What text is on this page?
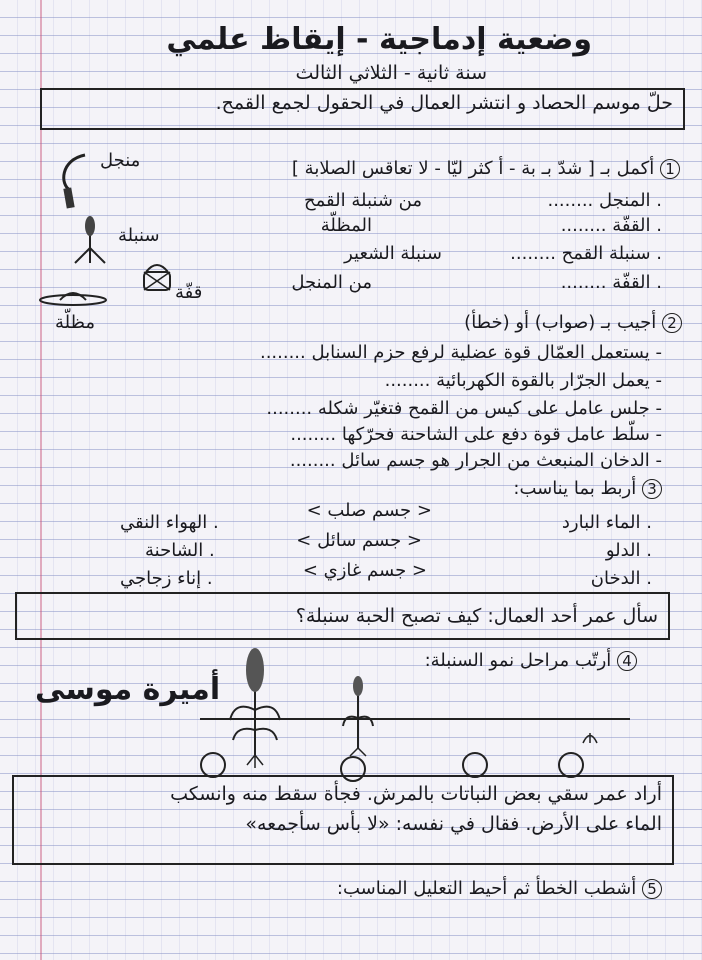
وضعية إدماجية - إيقاظ علمي
سنة ثانية - الثلاثي الثالث
حلّ موسم الحصاد و انتشر العمال في الحقول لجمع القمح.
1 أكمل بـ [ شدّ بـ بة - أ كثر ليّا - لا تعاقس الصلابة ]
. المنجل ........
من شنبلة القمح
. القفّة ........
المظلّة
. سنبلة القمح ........
سنبلة الشعير
. القفّة ........
من المنجل
منجل
سنبلة
قفّة
مظلّة	2 أجيب بـ (صواب) أو (خطأ)
- يستعمل العمّال قوة عضلية لرفع حزم السنابل ........
- يعمل الجرّار بالقوة الكهربائية ........
- جلس عامل على كيس من القمح فتغيّر شكله ........
- سلّط عامل قوة دفع على الشاحنة فحرّكها ........
- الدخان المنبعث من الجرار هو جسم سائل ........
3 أربط بما يناسب:
. الماء البارد
. الدلو
. الدخان
< جسم صلب >
< جسم سائل >
< جسم غازي >
. الهواء النقي
. الشاحنة
. إناء زجاجي
سأل عمر أحد العمال: كيف تصبح الحبة سنبلة؟
4 أرتّب مراحل نمو السنبلة:
أميرة موسى
أراد عمر سقي بعض النباتات بالمرش. فجأة سقط منه وانسكب
الماء على الأرض. فقال في نفسه: «لا بأس سأجمعه»
5 أشطب الخطأ ثم أحيط التعليل المناسب:
